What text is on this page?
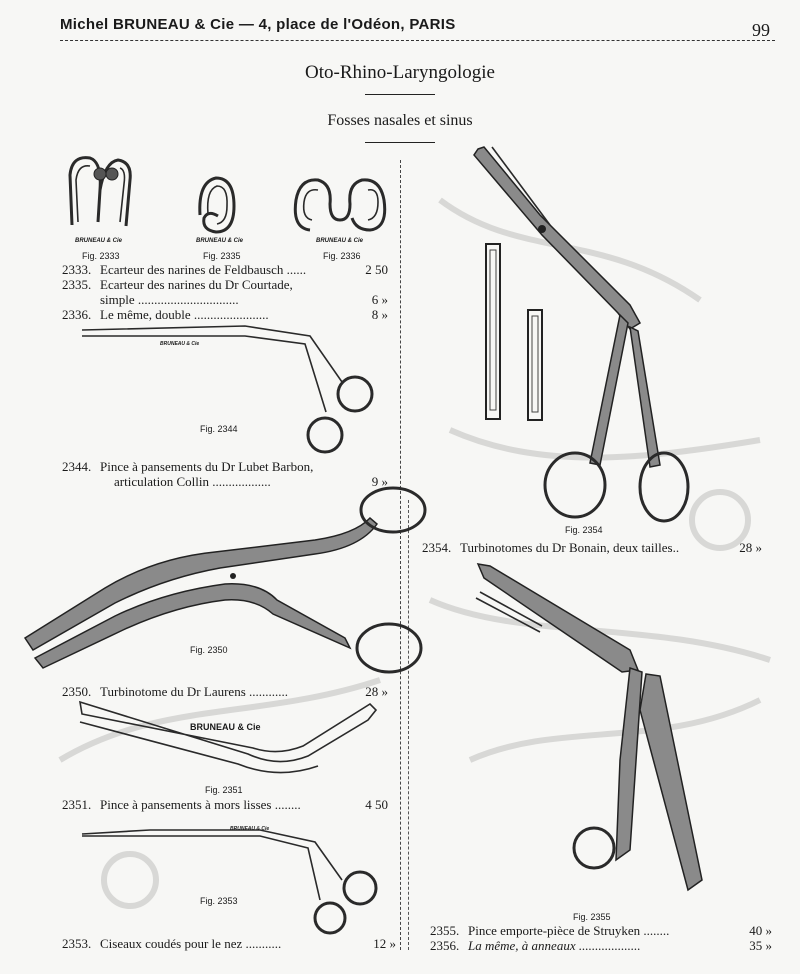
Michel BRUNEAU & Cie — 4, place de l'Odéon, PARIS	99
Oto-Rhino-Laryngologie
Fosses nasales et sinus
BRUNEAU & Cie
Fig. 2333
BRUNEAU & Cie
Fig. 2335
BRUNEAU & Cie
Fig. 2336
2333. Ecarteur des narines de Feldbausch ......	2 50
2335. Ecarteur des narines du Dr Courtade,
simple ...............................	6 »
2336. Le même, double .......................	8 »
BRUNEAU & Cie
Fig. 2344
2344. Pince à pansements du Dr Lubet Barbon,
articulation Collin ..................	9 »
Fig. 2350
2350. Turbinotome du Dr Laurens ............	28 »
BRUNEAU & Cie
Fig. 2351
2351. Pince à pansements à mors lisses ........	4 50
BRUNEAU & Cie
Fig. 2353
2353. Ciseaux coudés pour le nez ...........	12 »
Fig. 2354
2354. Turbinotomes du Dr Bonain, deux tailles..	28 »
Fig. 2355
2355. Pince emporte-pièce de Struyken ........	40 »
2356. La même, à anneaux ...................	35 »
